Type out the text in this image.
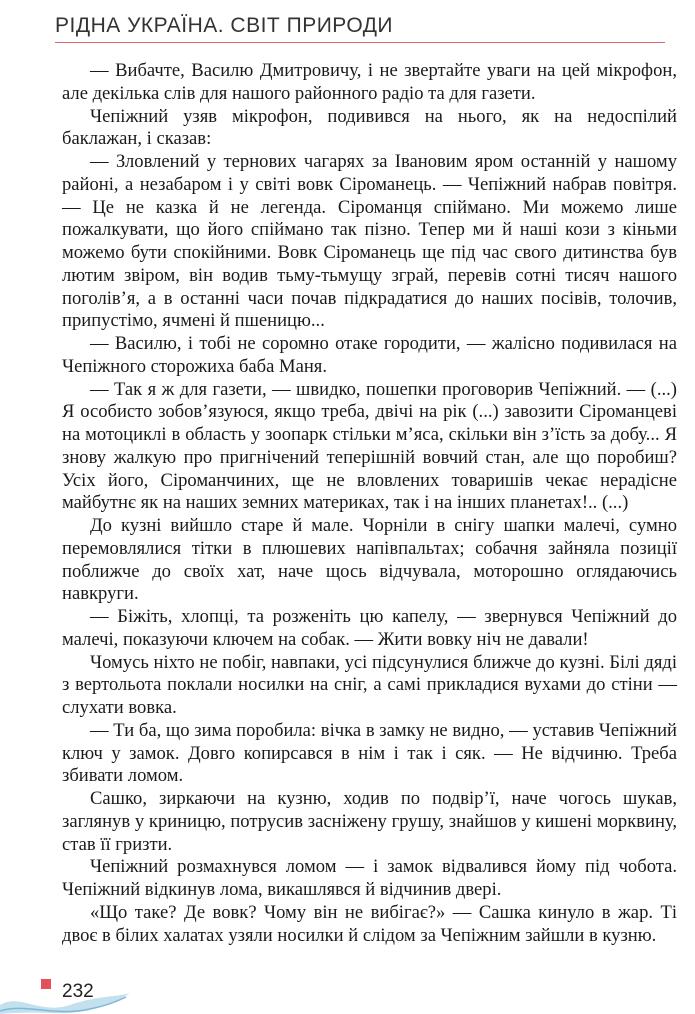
РІДНА УКРАЇНА. СВІТ ПРИРОДИ

— Вибачте, Василю Дмитровичу, і не звертайте уваги на цей мікрофон, але декілька слів для нашого районного радіо та для газети.

Чепіжний узяв мікрофон, подивився на нього, як на недоспілий баклажан, і сказав:

— Зловлений у тернових чагарях за Івановим яром останній у нашому районі, а незабаром і у світі вовк Сіроманець. — Чепіжний набрав повітря. — Це не казка й не легенда. Сіроманця спіймано. Ми можемо лише пожалкувати, що його спіймано так пізно. Тепер ми й наші кози з кіньми можемо бути спокійними. Вовк Сіроманець ще під час свого дитинства був лютим звіром, він водив тьму-тьмущу зграй, перевів сотні тисяч нашого поголів’я, а в останні часи почав підкрадатися до наших посівів, толочив, припустімо, ячмені й пшеницю...

— Василю, і тобі не соромно отаке городити, — жалісно подивилася на Чепіжного сторожиха баба Маня.

— Так я ж для газети, — швидко, пошепки проговорив Чепіжний. — (...) Я особисто зобов’язуюся, якщо треба, двічі на рік (...) завозити Сіроманцеві на мотоциклі в область у зоопарк стільки м’яса, скільки він з’їсть за добу... Я знову жалкую про пригнічений теперішній вовчий стан, але що поробиш? Усіх його, Сіроманчиних, ще не вловлених товаришів чекає нерадісне майбутнє як на наших земних материках, так і на інших планетах!.. (...)

До кузні вийшло старе й мале. Чорніли в снігу шапки малечі, сумно перемовлялися тітки в плюшевих напівпальтах; собачня зайняла позиції поближче до своїх хат, наче щось відчувала, моторошно оглядаючись навкруги.

— Біжіть, хлопці, та розженіть цю капелу, — звернувся Чепіжний до малечі, показуючи ключем на собак. — Жити вовку ніч не давали!

Чомусь ніхто не побіг, навпаки, усі підсунулися ближче до кузні. Білі дяді з вертольота поклали носилки на сніг, а самі прикладися вухами до стіни — слухати вовка.

— Ти ба, що зима поробила: вічка в замку не видно, — уставив Чепіжний ключ у замок. Довго копирсався в нім і так і сяк. — Не відчиню. Треба збивати ломом.

Сашко, зиркаючи на кузню, ходив по подвір’ї, наче чогось шукав, заглянув у криницю, потрусив засніжену грушу, знайшов у кишені морквину, став її гризти.

Чепіжний розмахнувся ломом — і замок відвалився йому під чобота. Чепіжний відкинув лома, викашлявся й відчинив двері.

«Що таке? Де вовк? Чому він не вибігає?» — Сашка кинуло в жар. Ті двоє в білих халатах узяли носилки й слідом за Чепіжним зайшли в кузню.

232
